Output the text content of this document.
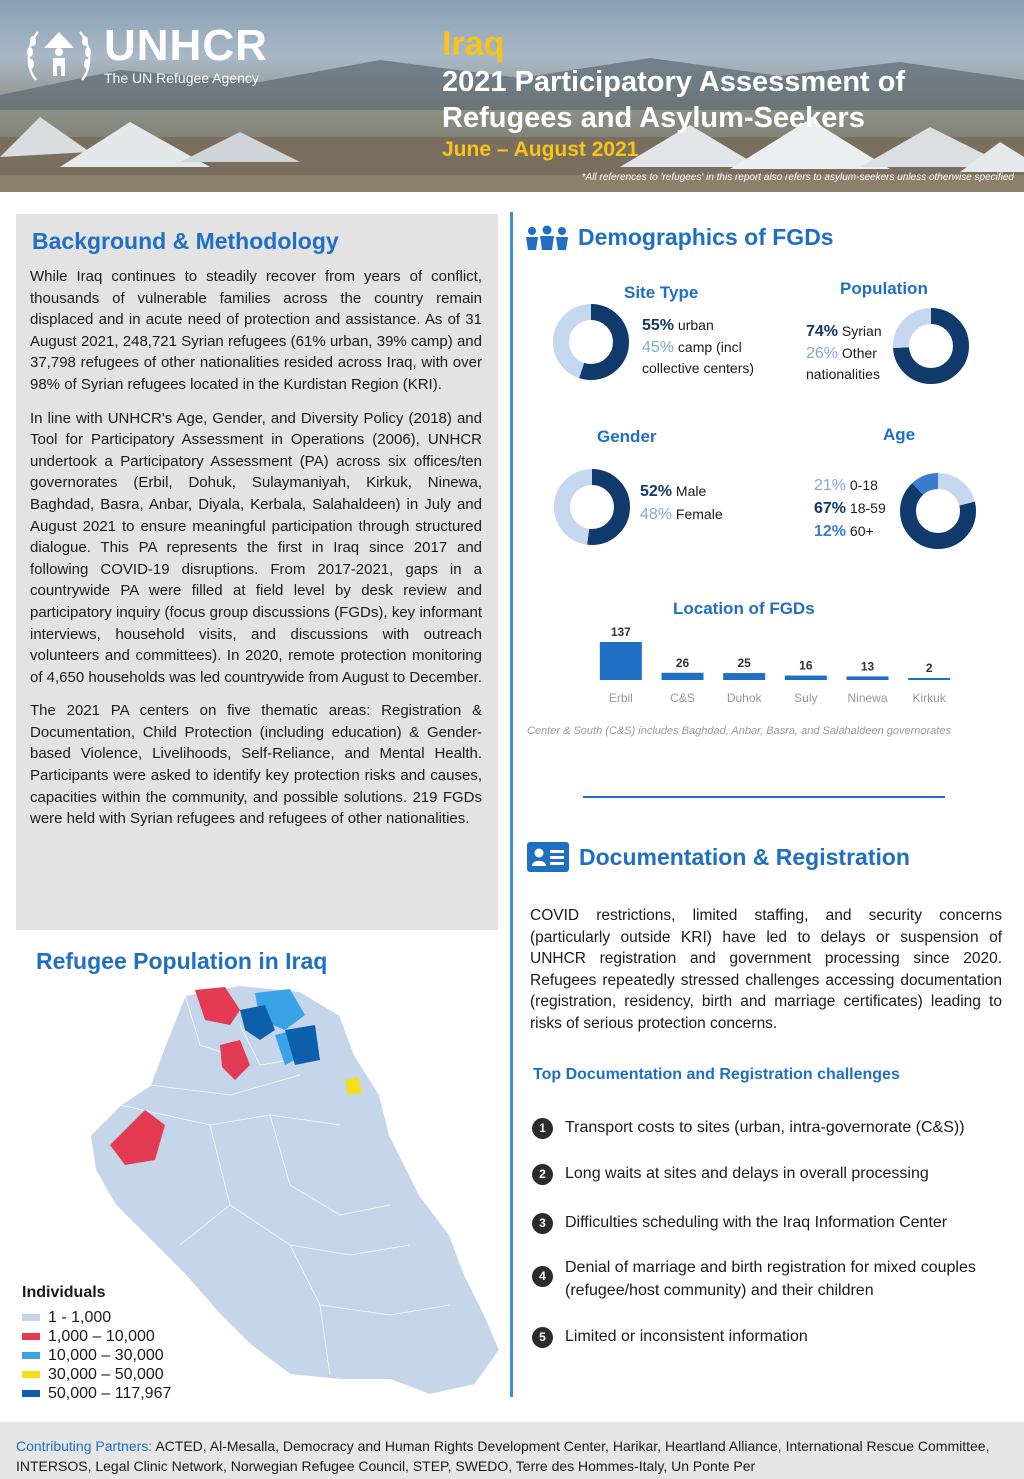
UNHCR
The UN Refugee Agency
Iraq
2021 Participatory Assessment of Refugees and Asylum-Seekers
June – August 2021
*All references to 'refugees' in this report also refers to asylum-seekers unless otherwise specified
Background & Methodology

While Iraq continues to steadily recover from years of conflict, thousands of vulnerable families across the country remain displaced and in acute need of protection and assistance. As of 31 August 2021, 248,721 Syrian refugees (61% urban, 39% camp) and 37,798 refugees of other nationalities resided across Iraq, with over 98% of Syrian refugees located in the Kurdistan Region (KRI).

In line with UNHCR's Age, Gender, and Diversity Policy (2018) and Tool for Participatory Assessment in Operations (2006), UNHCR undertook a Participatory Assessment (PA) across six offices/ten governorates (Erbil, Dohuk, Sulaymaniyah, Kirkuk, Ninewa, Baghdad, Basra, Anbar, Diyala, Kerbala, Salahaldeen) in July and August 2021 to ensure meaningful participation through structured dialogue. This PA represents the first in Iraq since 2017 and following COVID-19 disruptions. From 2017-2021, gaps in a countrywide PA were filled at field level by desk review and participatory inquiry (focus group discussions (FGDs), key informant interviews, household visits, and discussions with outreach volunteers and committees). In 2020, remote protection monitoring of 4,650 households was led countrywide from August to December.

The 2021 PA centers on five thematic areas: Registration & Documentation, Child Protection (including education) & Gender-based Violence, Livelihoods, Self-Reliance, and Mental Health. Participants were asked to identify key protection risks and causes, capacities within the community, and possible solutions. 219 FGDs were held with Syrian refugees and refugees of other nationalities.

Refugee Population in Iraq
Individuals
1 - 1,000
1,000 – 10,000
10,000 – 30,000
30,000 – 50,000
50,000 – 117,967
Demographics of FGDs
Site Type
55% urban
45% camp (incl collective centers)
Population
74% Syrian
26% Other nationalities
Gender
52% Male
48% Female
Age
21% 0-18
67% 18-59
12% 60+
Location of FGDs
137
Erbil
26
C&S
25
Duhok
16
Suly
13
Ninewa
2
Kirkuk
Center & South (C&S) includes Baghdad, Anbar, Basra, and Salahaldeen governorates
Documentation & Registration
COVID restrictions, limited staffing, and security concerns (particularly outside KRI) have led to delays or suspension of UNHCR registration and government processing since 2020. Refugees repeatedly stressed challenges accessing documentation (registration, residency, birth and marriage certificates) leading to risks of serious protection concerns.
Top Documentation and Registration challenges
1	Transport costs to sites (urban, intra-governorate (C&S))
2	Long waits at sites and delays in overall processing
3	Difficulties scheduling with the Iraq Information Center
4	Denial of marriage and birth registration for mixed couples (refugee/host community) and their children
5	Limited or inconsistent information
Contributing Partners: ACTED, Al-Mesalla, Democracy and Human Rights Development Center, Harikar, Heartland Alliance, International Rescue Committee, INTERSOS, Legal Clinic Network, Norwegian Refugee Council, STEP, SWEDO, Terre des Hommes-Italy, Un Ponte Per
